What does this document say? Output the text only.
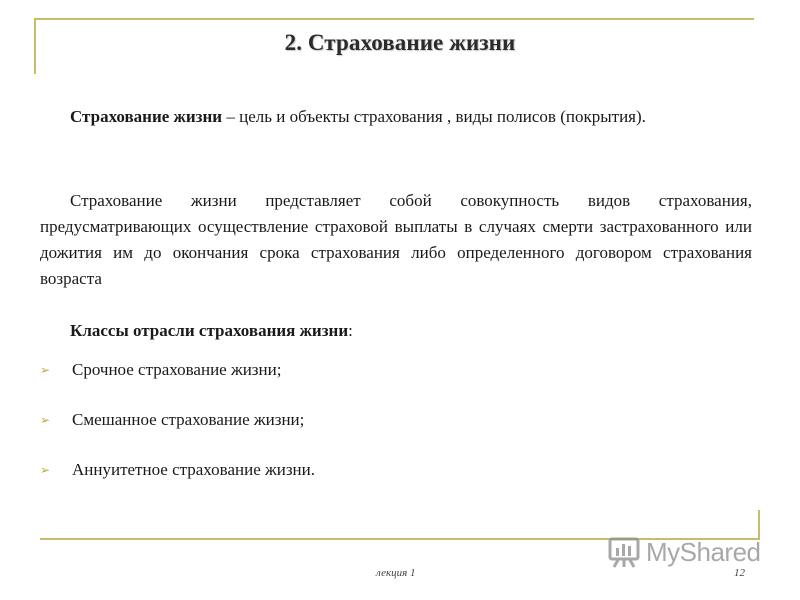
2. Страхование жизни
Страхование жизни – цель и объекты страхования , виды полисов (покрытия).
Страхование жизни представляет собой совокупность видов страхования, предусматривающих осуществление страховой выплаты в случаях смерти застрахованного или дожития им до окончания срока страхования либо определенного договором страхования возраста
Классы отрасли страхования жизни:
➢ Срочное страхование жизни;
➢ Смешанное страхование жизни;
➢ Аннуитетное страхование жизни.
MyShared
лекция 1	12
